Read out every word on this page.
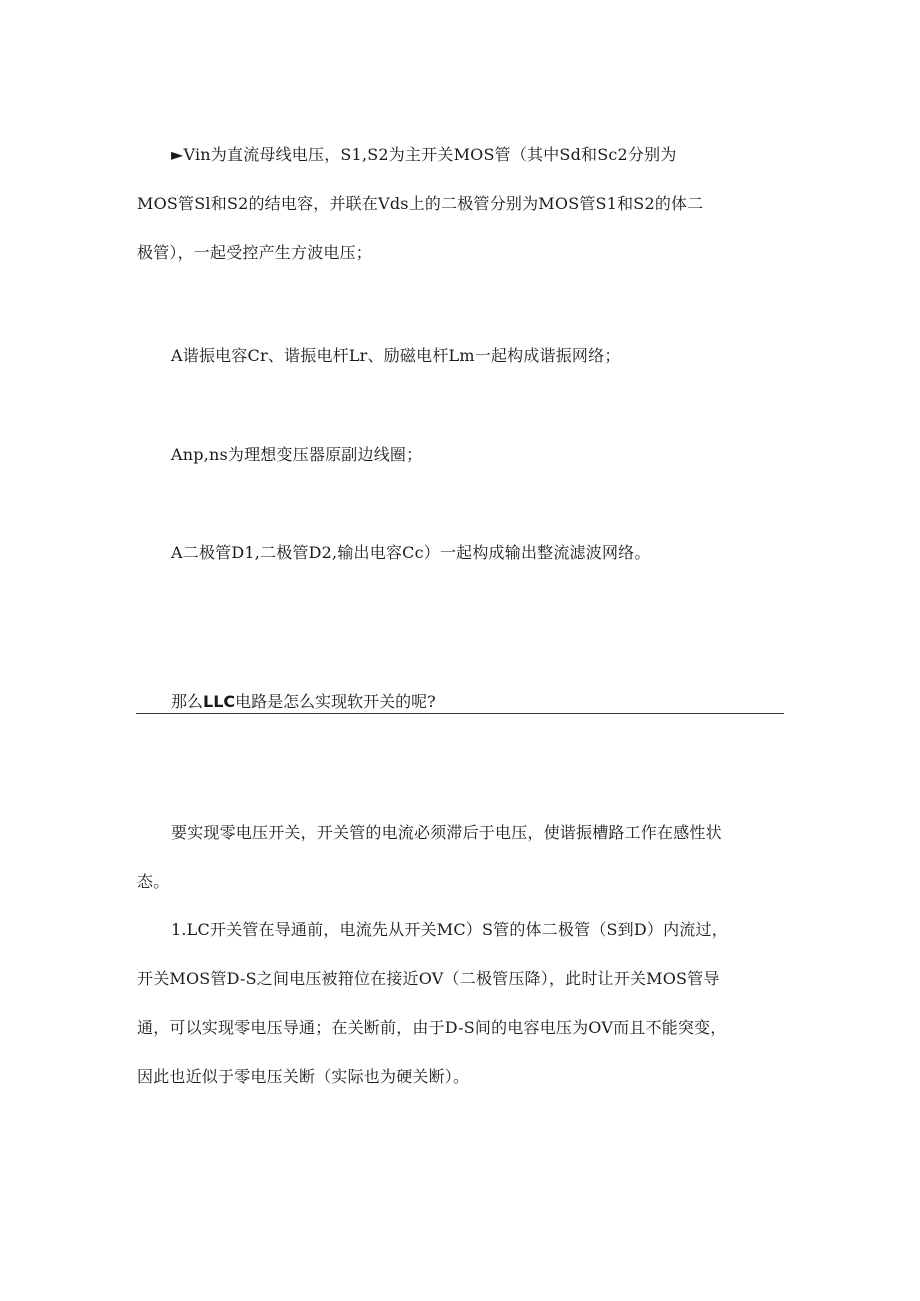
►Vin为直流母线电压，S1,S2为主开关MOS管（其中Sd和Sc2分别为
MOS管Sl和S2的结电容，并联在Vds上的二极管分别为MOS管S1和S2的体二
极管），一起受控产生方波电压；
A谐振电容Cr、谐振电杆Lr、励磁电杆Lm一起构成谐振网络；
Anp,ns为理想变压器原副边线圈；
A二极管D1,二极管D2,输出电容Cc）一起构成输出整流滤波网络。
那么LLC电路是怎么实现软开关的呢?
要实现零电压开关，开关管的电流必须滞后于电压，使谐振槽路工作在感性状
态。
1.LC开关管在导通前，电流先从开关MC）S管的体二极管（S到D）内流过，
开关MOS管D-S之间电压被箝位在接近OV（二极管压降），此时让开关MOS管导
通，可以实现零电压导通；在关断前，由于D-S间的电容电压为OV而且不能突变，
因此也近似于零电压关断（实际也为硬关断）。
